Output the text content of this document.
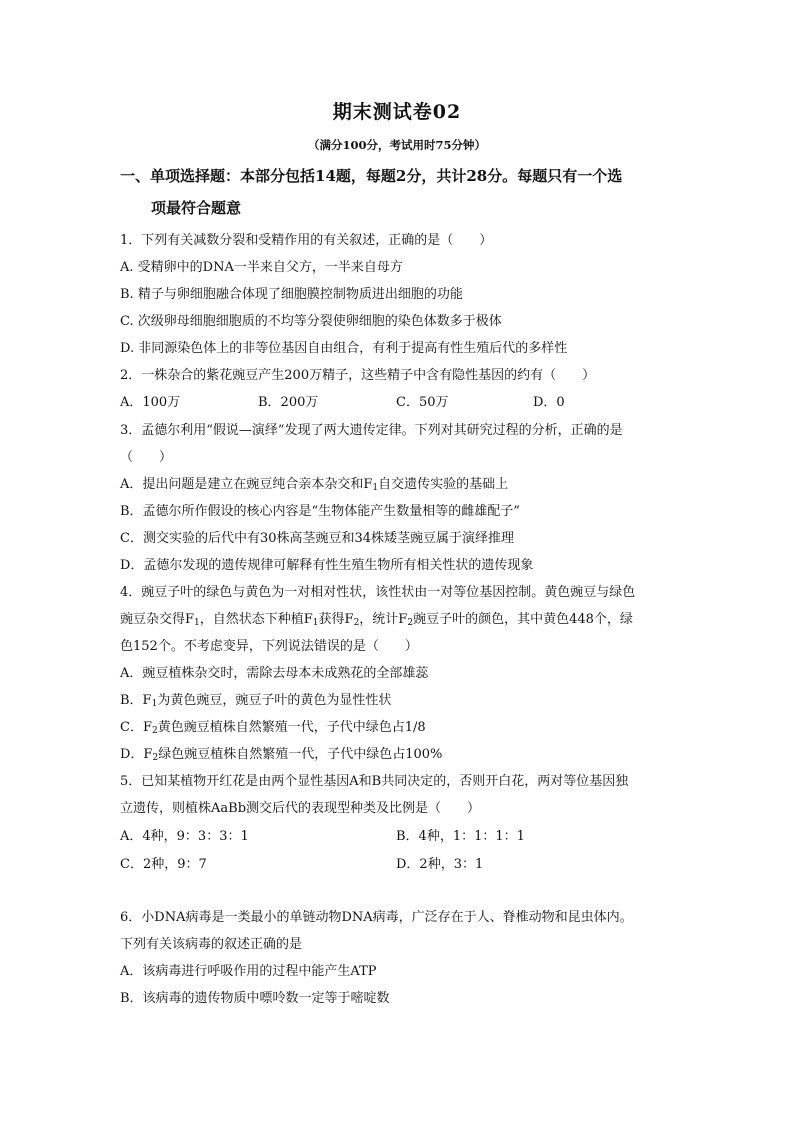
期末测试卷02
（满分100分，考试用时75分钟）
一、单项选择题：本部分包括14题，每题2分，共计28分。每题只有一个选
项最符合题意
1．下列有关减数分裂和受精作用的有关叙述，正确的是（　　）
A. 受精卵中的DNA一半来自父方，一半来自母方
B. 精子与卵细胞融合体现了细胞膜控制物质进出细胞的功能
C. 次级卵母细胞细胞质的不均等分裂使卵细胞的染色体数多于极体
D. 非同源染色体上的非等位基因自由组合，有利于提高有性生殖后代的多样性
2．一株杂合的紫花豌豆产生200万精子，这些精子中含有隐性基因的约有（　　）
A．100万	B．200万	C．50万	D．0
3．孟德尔利用“假说—演绎”发现了两大遗传定律。下列对其研究过程的分析，正确的是
（　　）
A．提出问题是建立在豌豆纯合亲本杂交和$F_1$自交遗传实验的基础上
B．孟德尔所作假设的核心内容是“生物体能产生数量相等的雌雄配子”
C．测交实验的后代中有30株高茎豌豆和34株矮茎豌豆属于演绎推理
D．孟德尔发现的遗传规律可解释有性生殖生物所有相关性状的遗传现象
4．豌豆子叶的绿色与黄色为一对相对性状，该性状由一对等位基因控制。黄色豌豆与绿色
豌豆杂交得$F_1$，自然状态下种植$F_1$获得$F_2$，统计$F_2$豌豆子叶的颜色，其中黄色448个，绿
色152个。不考虑变异，下列说法错误的是（　　）
A．豌豆植株杂交时，需除去母本未成熟花的全部雄蕊
B．$F_1$为黄色豌豆，豌豆子叶的黄色为显性性状
C．$F_2$黄色豌豆植株自然繁殖一代，子代中绿色占1/8
D．$F_2$绿色豌豆植株自然繁殖一代，子代中绿色占100%
5．已知某植物开红花是由两个显性基因A和B共同决定的，否则开白花，两对等位基因独
立遗传，则植株AaBb测交后代的表现型种类及比例是（　　）
A．4种，9：3：3：1	B．4种，1：1：1：1
C．2种，9：7	D．2种，3：1
6．小DNA病毒是一类最小的单链动物DNA病毒，广泛存在于人、脊椎动物和昆虫体内。
下列有关该病毒的叙述正确的是
A．该病毒进行呼吸作用的过程中能产生ATP
B．该病毒的遗传物质中嘌呤数一定等于嘧啶数
